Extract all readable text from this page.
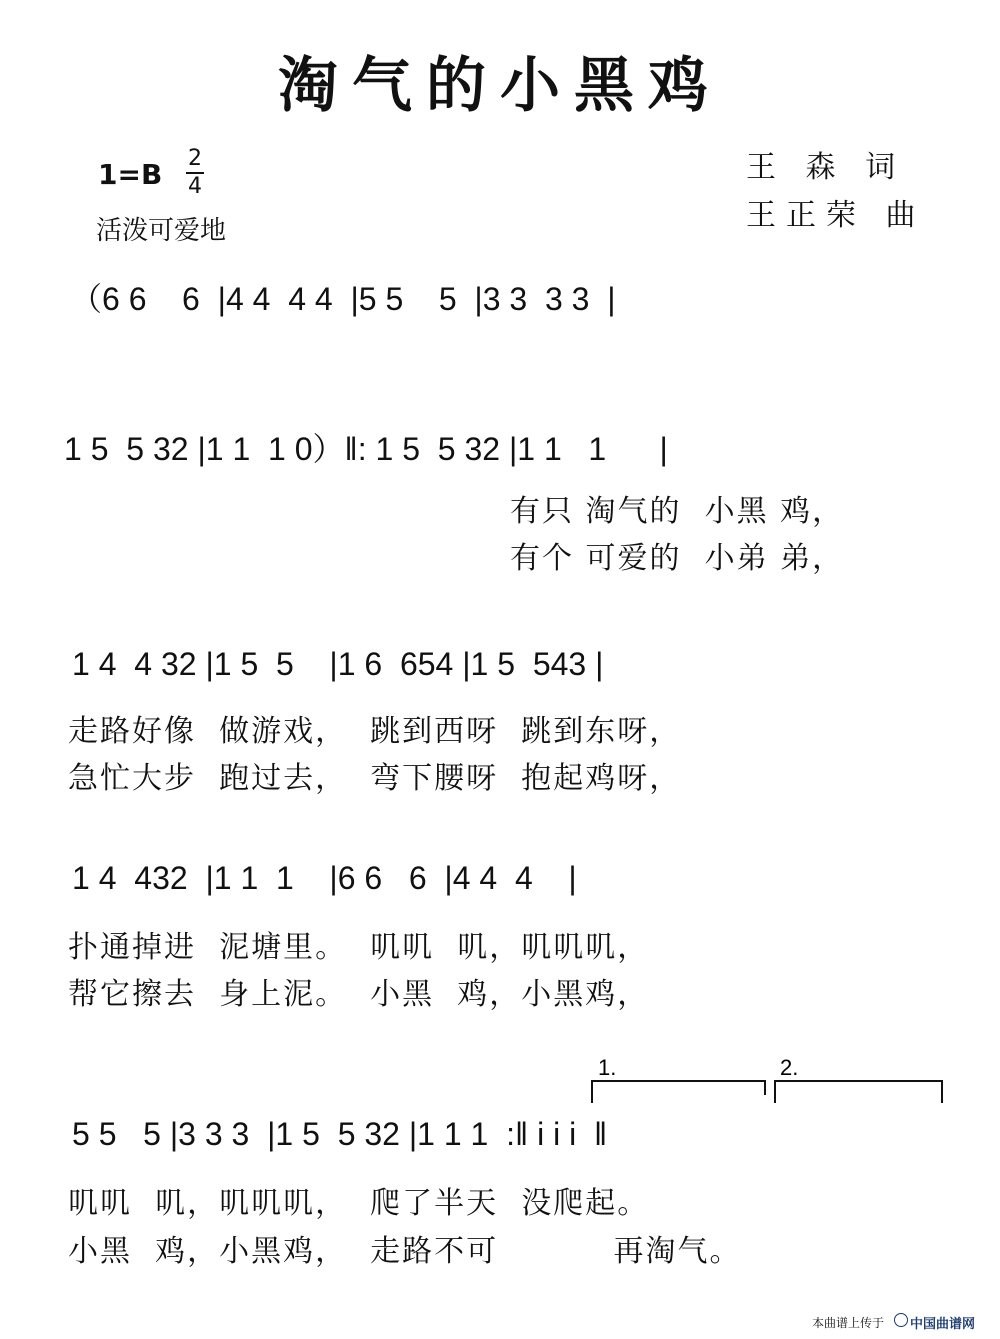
淘气的小黑鸡
1=B 2
4
活泼可爱地
王 森 词
王正荣 曲
（6 6    6  |4 4  4 4  |5 5    5  |3 3  3 3  |
1 5  5 32 |1 1  1 0）‖: 1 5  5 32 |1 1   1      |
有只 淘气的  小黑 鸡，
有个 可爱的  小弟 弟，
1 4  4 32 |1 5  5    |1 6  654 |1 5  543 |
走路好像  做游戏，  跳到西呀  跳到东呀，
急忙大步  跑过去，  弯下腰呀  抱起鸡呀，
1 4  432  |1 1  1    |6 6   6  |4 4  4    |
扑通掉进  泥塘里。  叽叽  叽，叽叽叽，
帮它擦去  身上泥。  小黑  鸡，小黑鸡，
1.	2.
5 5   5 |3 3 3  |1 5  5 32 |1 1 1  :‖ i i i  ‖
叽叽  叽，叽叽叽，  爬了半天  没爬起。
小黑  鸡，小黑鸡，  走路不可          再淘气。
本曲谱上传于 中国曲谱网
